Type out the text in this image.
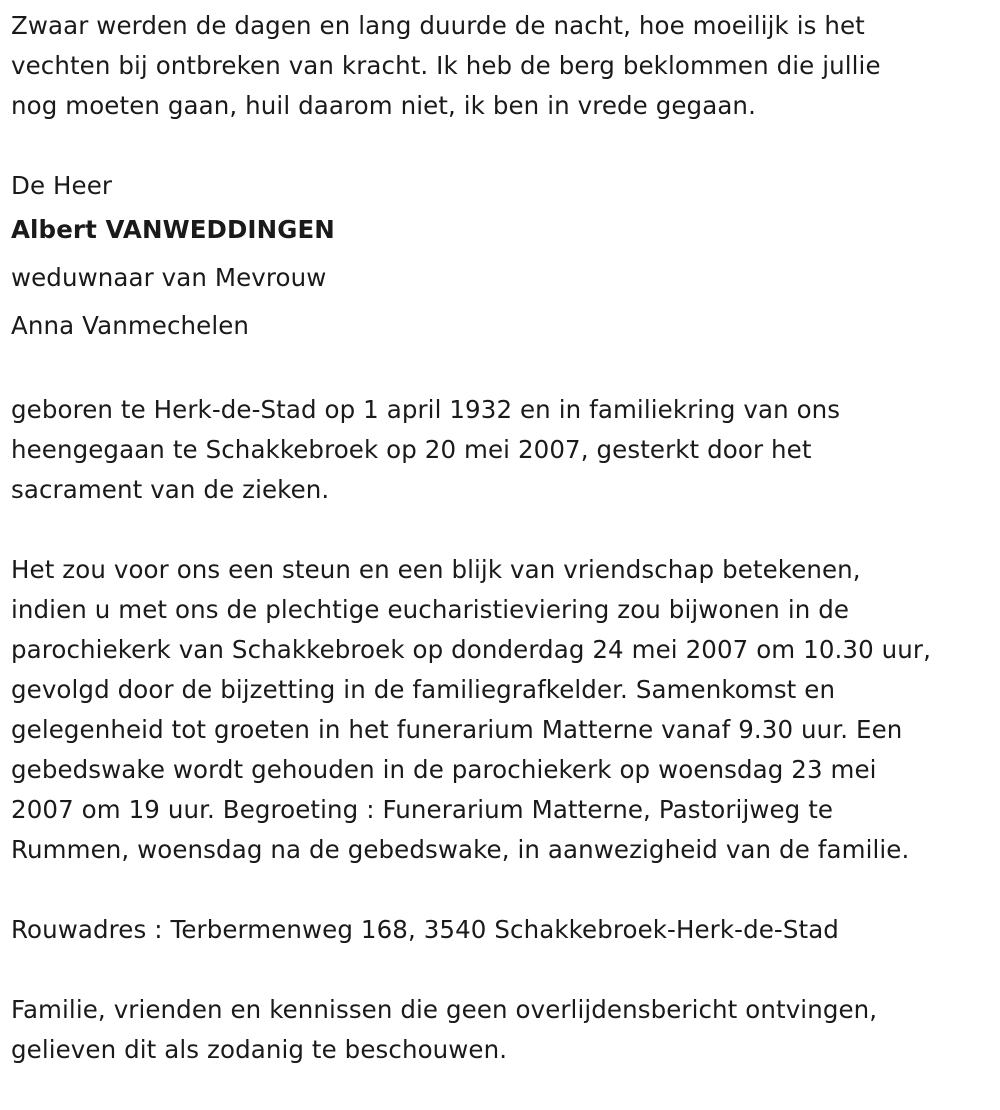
Zwaar werden de dagen en lang duurde de nacht, hoe moeilijk is het
vechten bij ontbreken van kracht. Ik heb de berg beklommen die jullie
nog moeten gaan, huil daarom niet, ik ben in vrede gegaan.

De Heer
Albert VANWEDDINGEN
weduwnaar van Mevrouw
Anna Vanmechelen

geboren te Herk-de-Stad op 1 april 1932 en in familiekring van ons
heengegaan te Schakkebroek op 20 mei 2007, gesterkt door het
sacrament van de zieken.

Het zou voor ons een steun en een blijk van vriendschap betekenen,
indien u met ons de plechtige eucharistieviering zou bijwonen in de
parochiekerk van Schakkebroek op donderdag 24 mei 2007 om 10.30 uur,
gevolgd door de bijzetting in de familiegrafkelder. Samenkomst en
gelegenheid tot groeten in het funerarium Matterne vanaf 9.30 uur. Een
gebedswake wordt gehouden in de parochiekerk op woensdag 23 mei
2007 om 19 uur. Begroeting : Funerarium Matterne, Pastorijweg te
Rummen, woensdag na de gebedswake, in aanwezigheid van de familie.

Rouwadres : Terbermenweg 168, 3540 Schakkebroek-Herk-de-Stad

Familie, vrienden en kennissen die geen overlijdensbericht ontvingen,
gelieven dit als zodanig te beschouwen.
